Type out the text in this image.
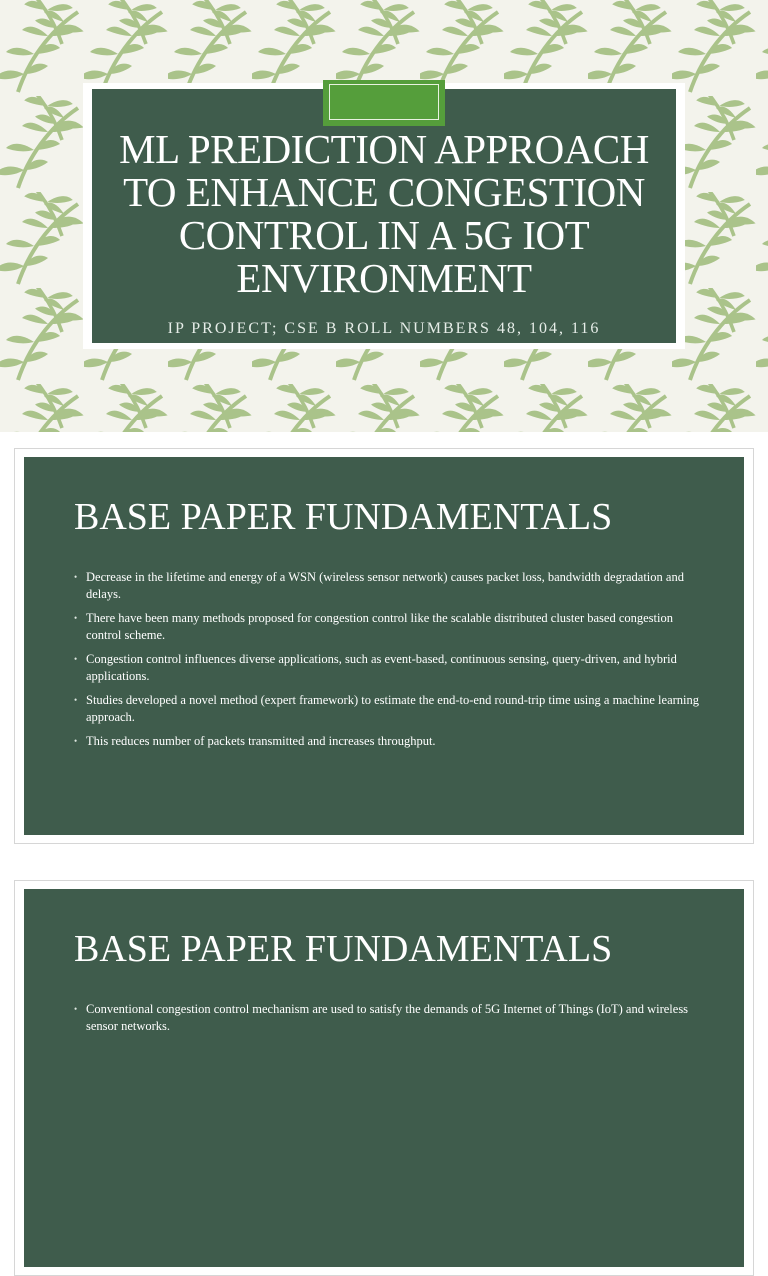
ML PREDICTION APPROACH TO ENHANCE CONGESTION CONTROL IN A 5G IOT ENVIRONMENT
IP PROJECT; CSE B ROLL NUMBERS 48, 104, 116
BASE PAPER FUNDAMENTALS
• Decrease in the lifetime and energy of a WSN (wireless sensor network) causes packet loss, bandwidth degradation and delays.
• There have been many methods proposed for congestion control like the scalable distributed cluster based congestion control scheme.
• Congestion control influences diverse applications, such as event-based, continuous sensing, query-driven, and hybrid applications.
• Studies developed a novel method (expert framework) to estimate the end-to-end round-trip time using a machine learning approach.
• This reduces number of packets transmitted and increases throughput.
BASE PAPER FUNDAMENTALS
• Conventional congestion control mechanism are used to satisfy the demands of 5G Internet of Things (IoT) and wireless sensor networks.
